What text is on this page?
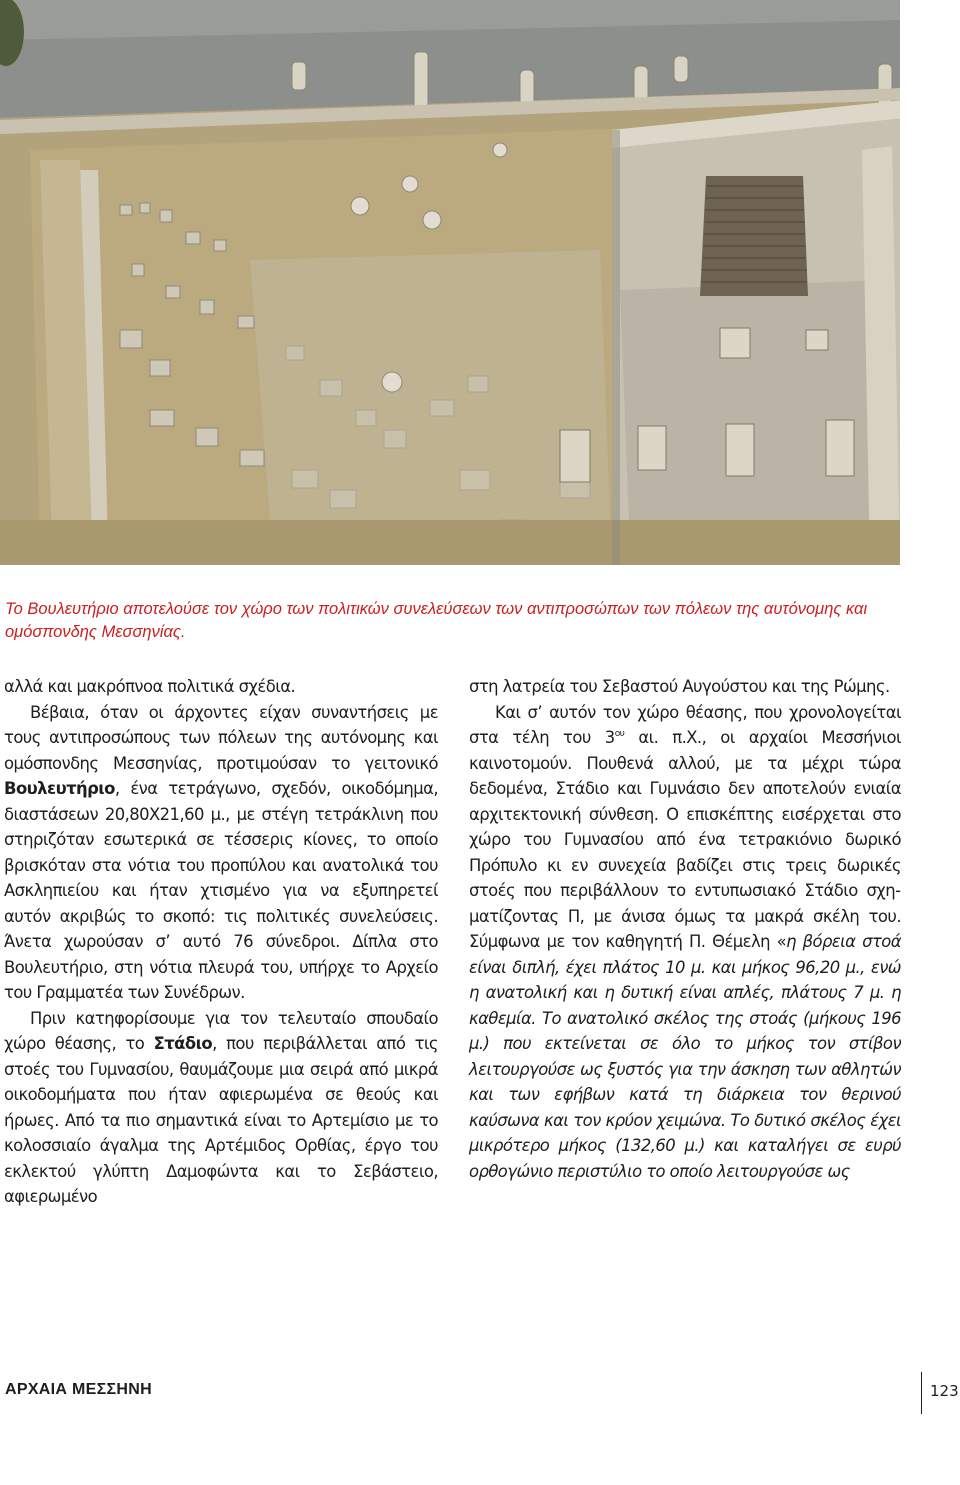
Το Βουλευτήριο αποτελούσε τον χώρο των πολιτικών συνελεύσεων των αντιπροσώπων των πόλεων της αυτόνομης και ομόσπονδης Μεσσηνίας.

αλλά και μακρόπνοα πολιτικά σχέδια.

Βέβαια, όταν οι άρχοντες είχαν συναντήσεις με τους αντιπροσώπους των πόλεων της αυτόνομης και ομόσπονδης Μεσσηνίας, προτιμούσαν το γειτονικό Βουλευτήριο, ένα τετράγωνο, σχεδόν, οικοδόμημα, διαστάσεων 20,80Χ21,60 μ., με στέγη τετράκλινη που στηριζόταν εσωτερικά σε τέσσερις κίονες, το οποίο βρισκόταν στα νότια του προπύλου και ανατολικά του Ασκληπιείου και ήταν χτισμένο για να εξυπηρετεί αυτόν ακριβώς το σκοπό: τις πολιτικές συνελεύσεις. Άνετα χωρούσαν σ’ αυτό 76 σύνεδροι. Δίπλα στο Βουλευτήριο, στη νότια πλευρά του, υπήρχε το Αρχείο του Γραμματέα των Συνέδρων.

Πριν κατηφορίσουμε για τον τελευταίο σπουδαίο χώρο θέασης, το Στάδιο, που περιβάλλεται από τις στοές του Γυμνασίου, θαυμάζουμε μια σειρά από μικρά οικοδομήματα που ήταν αφιερωμένα σε θεούς και ήρωες. Από τα πιο σημαντικά είναι το Αρτεμίσιο με το κολοσσιαίο άγαλμα της Αρτέμιδος Ορθίας, έργο του εκλεκτού γλύπτη Δαμοφώντα και το Σεβάστειο, αφιερωμένο

στη λατρεία του Σεβαστού Αυγούστου και της Ρώμης.

Και σ’ αυτόν τον χώρο θέασης, που χρονολογείται στα τέλη του $3^{o\upsilon}$ αι. π.Χ., οι αρχαίοι Μεσσήνιοι καινοτομούν. Πουθενά αλλού, με τα μέχρι τώρα δεδομένα, Στάδιο και Γυμνάσιο δεν αποτελούν ενιαία αρχιτεκτονική σύνθεση. Ο επισκέπτης εισέρχεται στο χώρο του Γυμνασίου από ένα τετρακιόνιο δωρικό Πρόπυλο κι εν συνεχεία βαδίζει στις τρεις δωρικές στοές που περιβάλλουν το εντυπωσιακό Στάδιο σχηματίζοντας Π, με άνισα όμως τα μακρά σκέλη του. Σύμφωνα με τον καθηγητή Π. Θέμελη «η βόρεια στοά είναι διπλή, έχει πλάτος 10 μ. και μήκος 96,20 μ., ενώ η ανατολική και η δυτική είναι απλές, πλάτους 7 μ. η καθεμία. Το ανατολικό σκέλος της στοάς (μήκους 196 μ.) που εκτείνεται σε όλο το μήκος τον στίβον λειτουργούσε ως ξυστός για την άσκηση των αθλητών και των εφήβων κατά τη διάρκεια τον θερινού καύσωνα και τον κρύον χειμώνα. Το δυτικό σκέλος έχει μικρότερο μήκος (132,60 μ.) και καταλήγει σε ευρύ ορθογώνιο περιστύλιο το οποίο λειτουργούσε ως

ΑΡΧΑΙΑ ΜΕΣΣΗΝΗ	123
